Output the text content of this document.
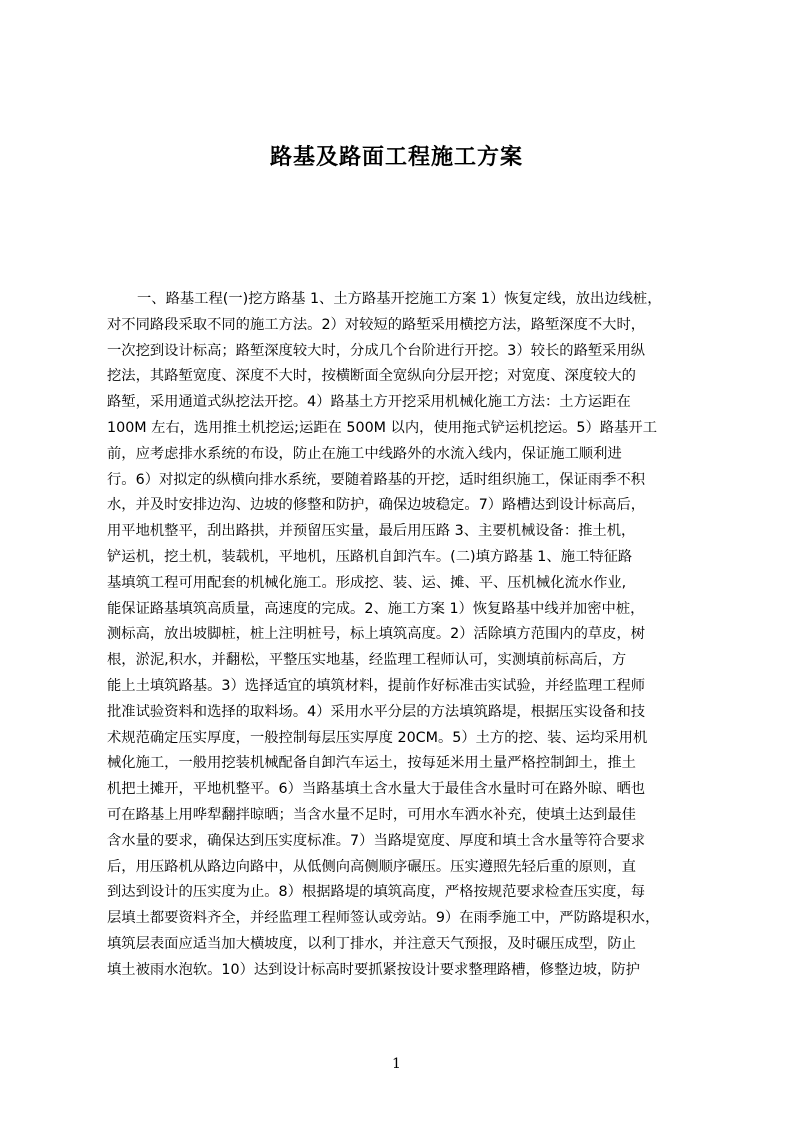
路基及路面工程施工方案
一、路基工程(一)挖方路基 1、土方路基开挖施工方案 1）恢复定线，放出边线桩，
对不同路段采取不同的施工方法。2）对较短的路堑采用横挖方法，路堑深度不大时，
一次挖到设计标高；路堑深度较大时，分成几个台阶进行开挖。3）较长的路堑采用纵
挖法，其路堑宽度、深度不大时，按横断面全宽纵向分层开挖；对宽度、深度较大的
路堑，采用通道式纵挖法开挖。4）路基土方开挖采用机械化施工方法：土方运距在
100M 左右，选用推土机挖运;运距在 500M 以内，使用拖式铲运机挖运。5）路基开工
前，应考虑排水系统的布设，防止在施工中线路外的水流入线内，保证施工顺利进
行。6）对拟定的纵横向排水系统，要随着路基的开挖，适时组织施工，保证雨季不积
水，并及时安排边沟、边坡的修整和防护，确保边坡稳定。7）路槽达到设计标高后，
用平地机整平，刮出路拱，并预留压实量，最后用压路 3、主要机械设备：推土机，
铲运机，挖土机，装载机，平地机，压路机自卸汽车。(二)填方路基 1、施工特征路
基填筑工程可用配套的机械化施工。形成挖、装、运、摊、平、压机械化流水作业,
能保证路基填筑高质量，高速度的完成。2、施工方案 1）恢复路基中线并加密中桩，
测标高，放出坡脚桩，桩上注明桩号，标上填筑高度。2）活除填方范围内的草皮，树
根，淤泥,积水，并翻松，平整压实地基，经监理工程师认可，实测填前标高后，方
能上土填筑路基。3）选择适宜的填筑材料，提前作好标准击实试验，并经监理工程师
批准试验资料和选择的取料场。4）采用水平分层的方法填筑路堤，根据压实设备和技
术规范确定压实厚度，一般控制每层压实厚度 20CM。5）土方的挖、装、运均采用机
械化施工，一般用挖装机械配备自卸汽车运土，按每延米用土量严格控制卸土，推土
机把土摊开，平地机整平。6）当路基填土含水量大于最佳含水量时可在路外晾、晒也
可在路基上用哗犁翻拌晾晒；当含水量不足时，可用水车洒水补充，使填土达到最佳
含水量的要求，确保达到压实度标准。7）当路堤宽度、厚度和填土含水量等符合要求
后，用压路机从路边向路中，从低侧向高侧顺序碾压。压实遵照先轻后重的原则，直
到达到设计的压实度为止。8）根据路堤的填筑高度，严格按规范要求检查压实度，每
层填土都要资料齐全，并经监理工程师签认或旁站。9）在雨季施工中，严防路堤积水，
填筑层表面应适当加大横坡度，以利丁排水，并注意天气预报，及时碾压成型，防止
填土被雨水泡软。10）达到设计标高时要抓紧按设计要求整理路槽，修整边坡，防护
1
